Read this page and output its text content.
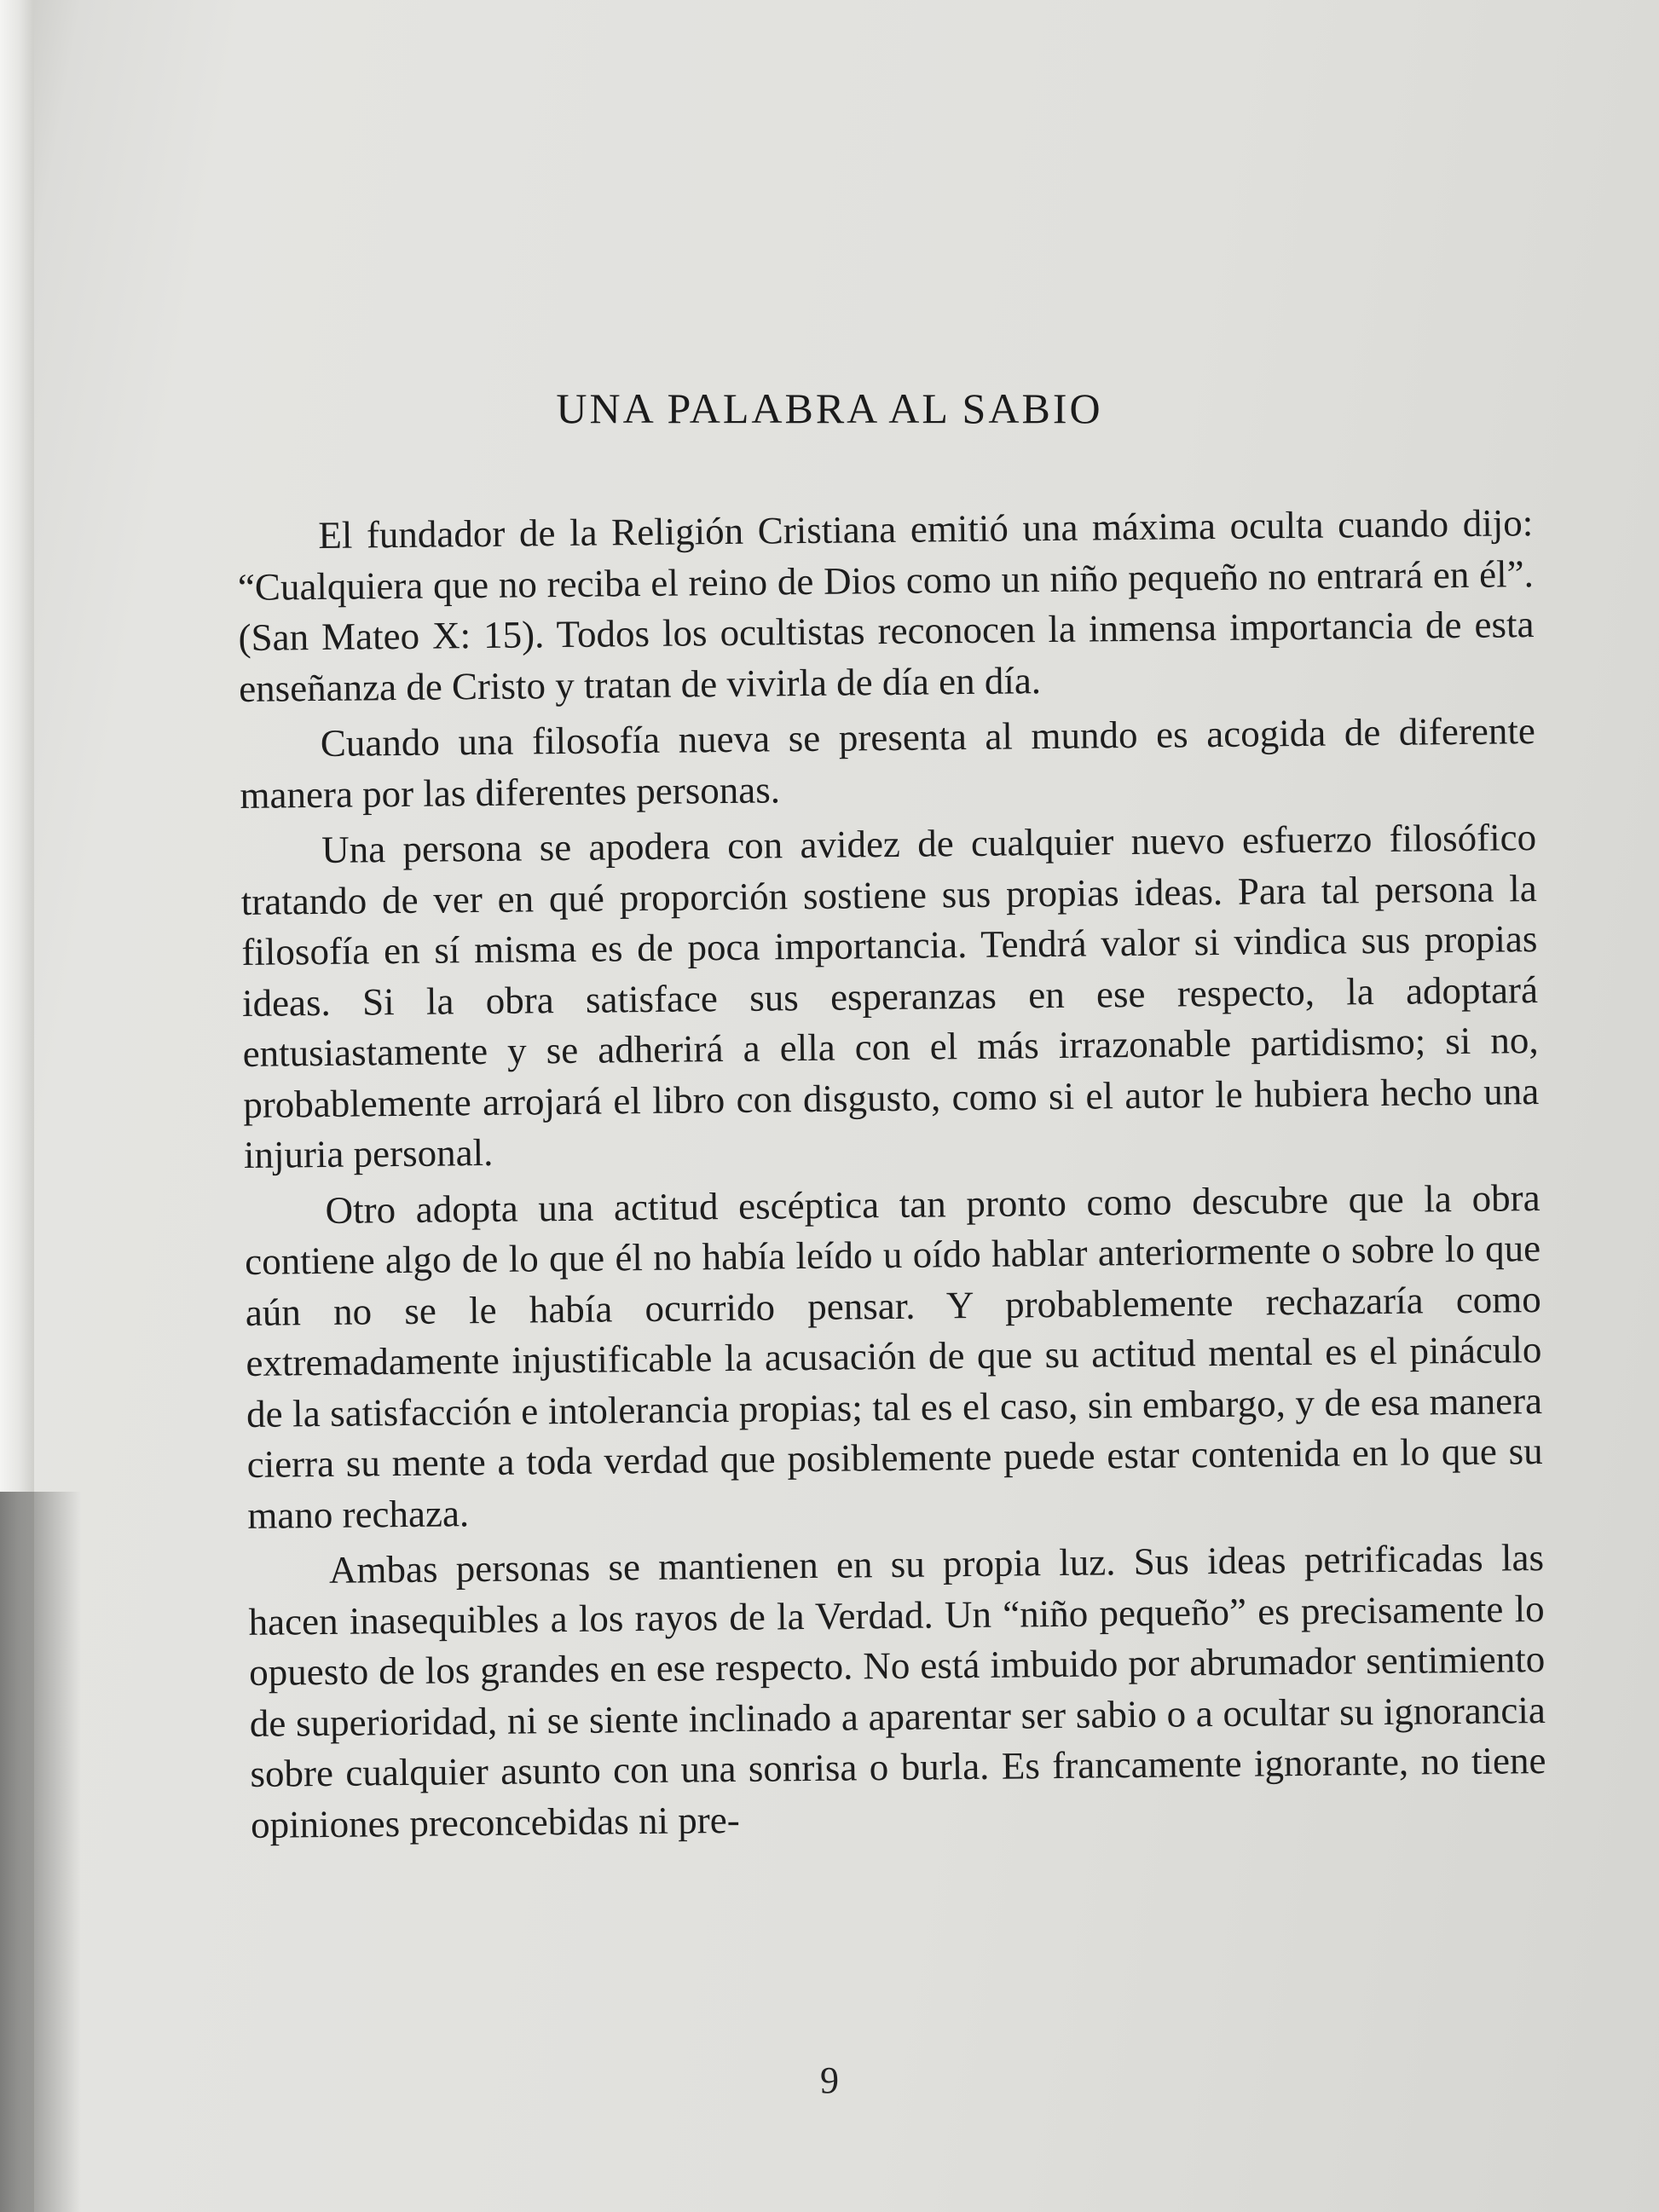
UNA PALABRA AL SABIO

El fundador de la Religión Cristiana emitió una máxima oculta cuando dijo: “Cualquiera que no reciba el reino de Dios como un niño pequeño no entrará en él”. (San Mateo X: 15). Todos los ocultistas reconocen la inmensa importancia de esta enseñanza de Cristo y tratan de vivirla de día en día.

Cuando una filosofía nueva se presenta al mundo es acogida de diferente manera por las diferentes personas.

Una persona se apodera con avidez de cualquier nuevo esfuerzo filosófico tratando de ver en qué proporción sostiene sus propias ideas. Para tal persona la filosofía en sí misma es de poca importancia. Tendrá valor si vindica sus propias ideas. Si la obra satisface sus esperanzas en ese respecto, la adoptará entusiastamente y se adherirá a ella con el más irrazonable partidismo; si no, probablemente arrojará el libro con disgusto, como si el autor le hubiera hecho una injuria personal.

Otro adopta una actitud escéptica tan pronto como descubre que la obra contiene algo de lo que él no había leído u oído hablar anteriormente o sobre lo que aún no se le había ocurrido pensar. Y probablemente rechazaría como extremadamente injustificable la acusación de que su actitud mental es el pináculo de la satisfacción e intolerancia propias; tal es el caso, sin embargo, y de esa manera cierra su mente a toda verdad que posiblemente puede estar contenida en lo que su mano rechaza.

Ambas personas se mantienen en su propia luz. Sus ideas petrificadas las hacen inasequibles a los rayos de la Verdad. Un “niño pequeño” es precisamente lo opuesto de los grandes en ese respecto. No está imbuido por abrumador sentimiento de superioridad, ni se siente inclinado a aparentar ser sabio o a ocultar su ignorancia sobre cualquier asunto con una sonrisa o burla. Es francamente ignorante, no tiene opiniones preconcebidas ni pre-

9
